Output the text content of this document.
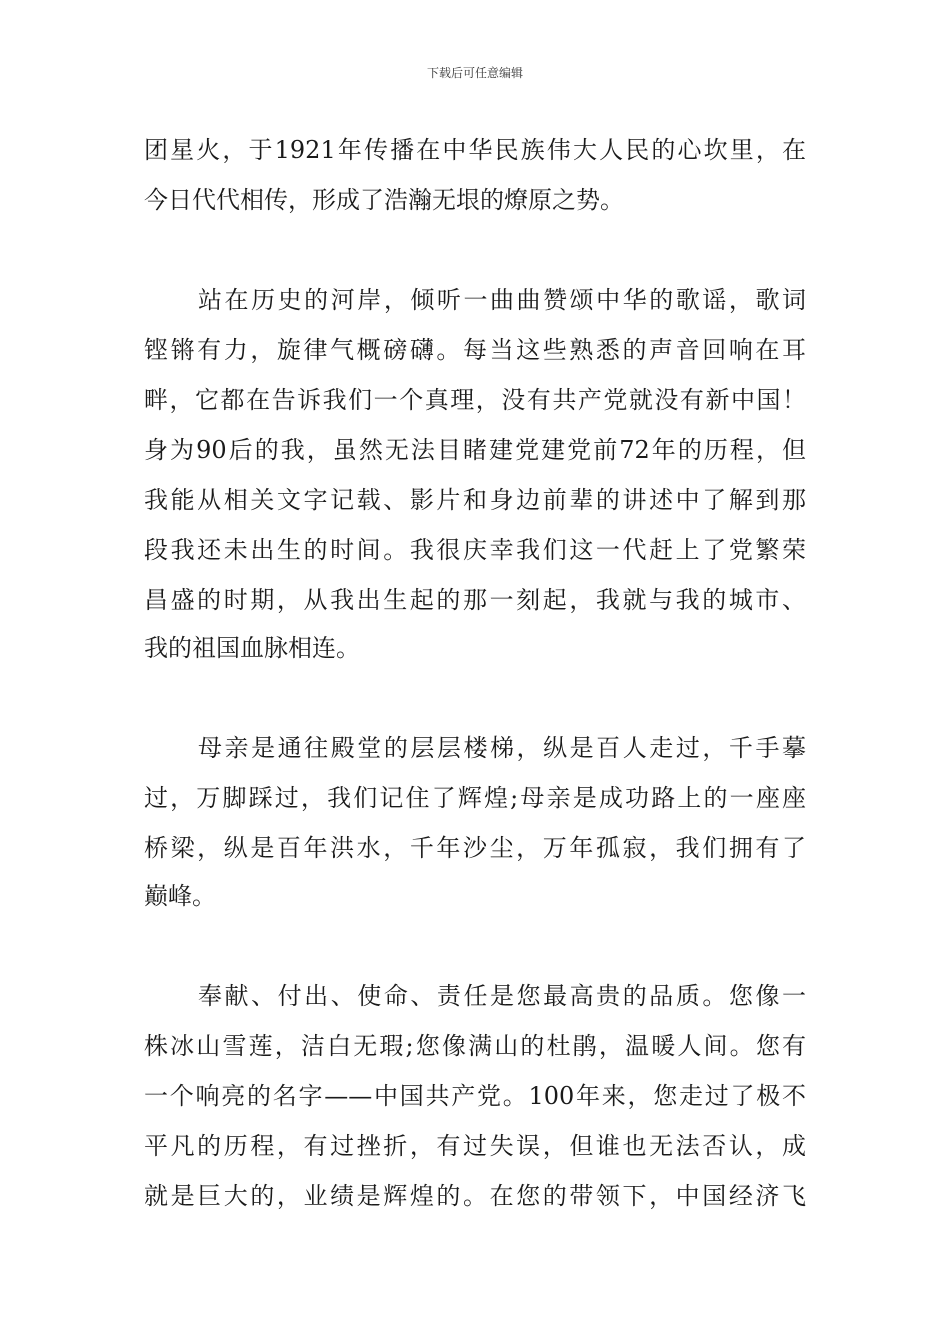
下载后可任意编辑
团星火，于1921年传播在中华民族伟大人民的心坎里，在
今日代代相传，形成了浩瀚无垠的燎原之势。
站在历史的河岸，倾听一曲曲赞颂中华的歌谣，歌词
铿锵有力，旋律气概磅礴。每当这些熟悉的声音回响在耳
畔，它都在告诉我们一个真理，没有共产党就没有新中国！
身为90后的我，虽然无法目睹建党建党前72年的历程，但
我能从相关文字记载、影片和身边前辈的讲述中了解到那
段我还未出生的时间。我很庆幸我们这一代赶上了党繁荣
昌盛的时期，从我出生起的那一刻起，我就与我的城市、
我的祖国血脉相连。
母亲是通往殿堂的层层楼梯，纵是百人走过，千手摹
过，万脚踩过，我们记住了辉煌;母亲是成功路上的一座座
桥梁，纵是百年洪水，千年沙尘，万年孤寂，我们拥有了
巅峰。
奉献、付出、使命、责任是您最高贵的品质。您像一
株冰山雪莲，洁白无瑕;您像满山的杜鹃，温暖人间。您有
一个响亮的名字——中国共产党。100年来，您走过了极不
平凡的历程，有过挫折，有过失误，但谁也无法否认，成
就是巨大的，业绩是辉煌的。在您的带领下，中国经济飞
